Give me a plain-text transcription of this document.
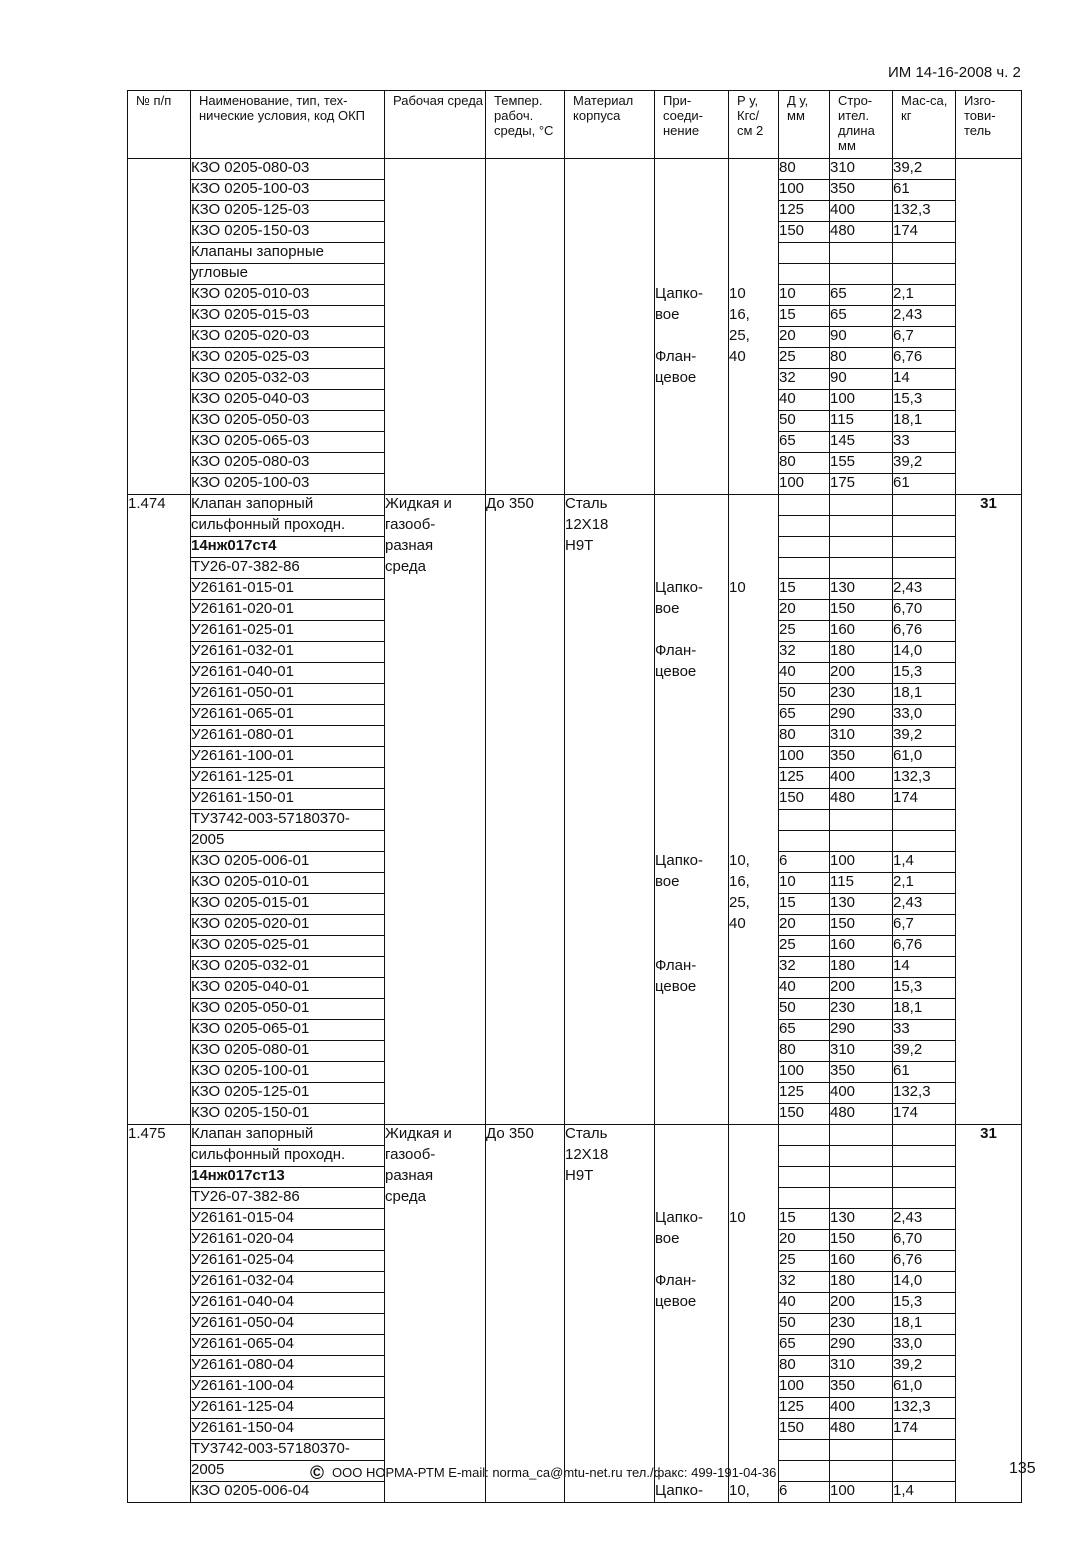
ИМ 14-16-2008 ч. 2
№ п/п	Наименование, тип, тех-нические условия, код ОКП	Рабочая среда	Темпер. рабоч. среды, °С	Материал корпуса	При-соеди-нение	Р у, Кгс/ см 2	Д у, мм	Стро-ител. длина мм	Мас-са, кг	Изго-тови-тель
	КЗО 0205-080-03						80	310	39,2	
	КЗО 0205-100-03						100	350	61	
	КЗО 0205-125-03						125	400	132,3	
	КЗО 0205-150-03						150	480	174	
	Клапаны запорные									
	угловые									
	КЗО 0205-010-03				Цапко-	10	10	65	2,1	
	КЗО 0205-015-03				вое	16,	15	65	2,43	
	КЗО 0205-020-03					25,	20	90	6,7	
	КЗО 0205-025-03				Флан-	40	25	80	6,76	
	КЗО 0205-032-03				цевое		32	90	14	
	КЗО 0205-040-03						40	100	15,3	
	КЗО 0205-050-03						50	115	18,1	
	КЗО 0205-065-03						65	145	33	
	КЗО 0205-080-03						80	155	39,2	
	КЗО 0205-100-03						100	175	61	
1.474	Клапан запорный	Жидкая и	До 350	Сталь						31
	сильфонный проходн.	газооб-		12Х18						
	14нж017ст4	разная		Н9Т						
	ТУ26-07-382-86	среда								
	У26161-015-01				Цапко-	10	15	130	2,43	
	У26161-020-01				вое		20	150	6,70	
	У26161-025-01						25	160	6,76	
	У26161-032-01				Флан-		32	180	14,0	
	У26161-040-01				цевое		40	200	15,3	
	У26161-050-01						50	230	18,1	
	У26161-065-01						65	290	33,0	
	У26161-080-01						80	310	39,2	
	У26161-100-01						100	350	61,0	
	У26161-125-01						125	400	132,3	
	У26161-150-01						150	480	174	
	ТУ3742-003-57180370-									
	2005									
	КЗО 0205-006-01				Цапко-	10,	6	100	1,4	
	КЗО 0205-010-01				вое	16,	10	115	2,1	
	КЗО 0205-015-01					25,	15	130	2,43	
	КЗО 0205-020-01					40	20	150	6,7	
	КЗО 0205-025-01						25	160	6,76	
	КЗО 0205-032-01				Флан-		32	180	14	
	КЗО 0205-040-01				цевое		40	200	15,3	
	КЗО 0205-050-01						50	230	18,1	
	КЗО 0205-065-01						65	290	33	
	КЗО 0205-080-01						80	310	39,2	
	КЗО 0205-100-01						100	350	61	
	КЗО 0205-125-01						125	400	132,3	
	КЗО 0205-150-01						150	480	174	
1.475	Клапан запорный	Жидкая и	До 350	Сталь						31
	сильфонный проходн.	газооб-		12Х18						
	14нж017ст13	разная		Н9Т						
	ТУ26-07-382-86	среда								
	У26161-015-04				Цапко-	10	15	130	2,43	
	У26161-020-04				вое		20	150	6,70	
	У26161-025-04						25	160	6,76	
	У26161-032-04				Флан-		32	180	14,0	
	У26161-040-04				цевое		40	200	15,3	
	У26161-050-04						50	230	18,1	
	У26161-065-04						65	290	33,0	
	У26161-080-04						80	310	39,2	
	У26161-100-04						100	350	61,0	
	У26161-125-04						125	400	132,3	
	У26161-150-04						150	480	174	
	ТУ3742-003-57180370-									
	2005									
	КЗО 0205-006-04				Цапко-	10,	6	100	1,4	
© ООО НОРМА-РТМ E-mail: norma_ca@mtu-net.ru тел./факс: 499-191-04-36	135
